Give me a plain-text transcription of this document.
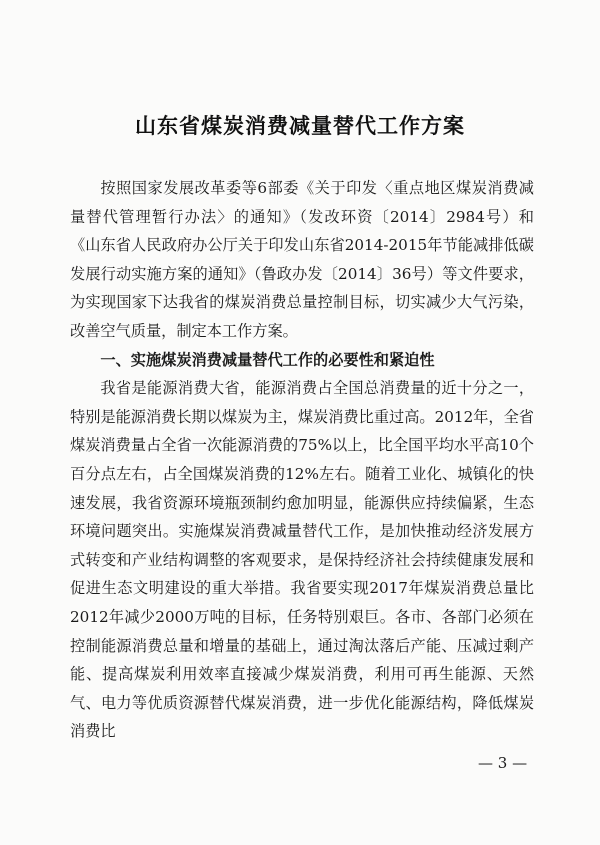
山东省煤炭消费减量替代工作方案

按照国家发展改革委等6部委《关于印发〈重点地区煤炭消费减量替代管理暂行办法〉的通知》（发改环资〔2014〕2984号）和《山东省人民政府办公厅关于印发山东省2014-2015年节能减排低碳发展行动实施方案的通知》（鲁政办发〔2014〕36号）等文件要求，为实现国家下达我省的煤炭消费总量控制目标，切实减少大气污染，改善空气质量，制定本工作方案。

一、实施煤炭消费减量替代工作的必要性和紧迫性

我省是能源消费大省，能源消费占全国总消费量的近十分之一，特别是能源消费长期以煤炭为主，煤炭消费比重过高。2012年，全省煤炭消费量占全省一次能源消费的75%以上，比全国平均水平高10个百分点左右，占全国煤炭消费的12%左右。随着工业化、城镇化的快速发展，我省资源环境瓶颈制约愈加明显，能源供应持续偏紧，生态环境问题突出。实施煤炭消费减量替代工作，是加快推动经济发展方式转变和产业结构调整的客观要求，是保持经济社会持续健康发展和促进生态文明建设的重大举措。我省要实现2017年煤炭消费总量比2012年减少2000万吨的目标，任务特别艰巨。各市、各部门必须在控制能源消费总量和增量的基础上，通过淘汰落后产能、压减过剩产能、提高煤炭利用效率直接减少煤炭消费，利用可再生能源、天然气、电力等优质资源替代煤炭消费，进一步优化能源结构，降低煤炭消费比

— 3 —
